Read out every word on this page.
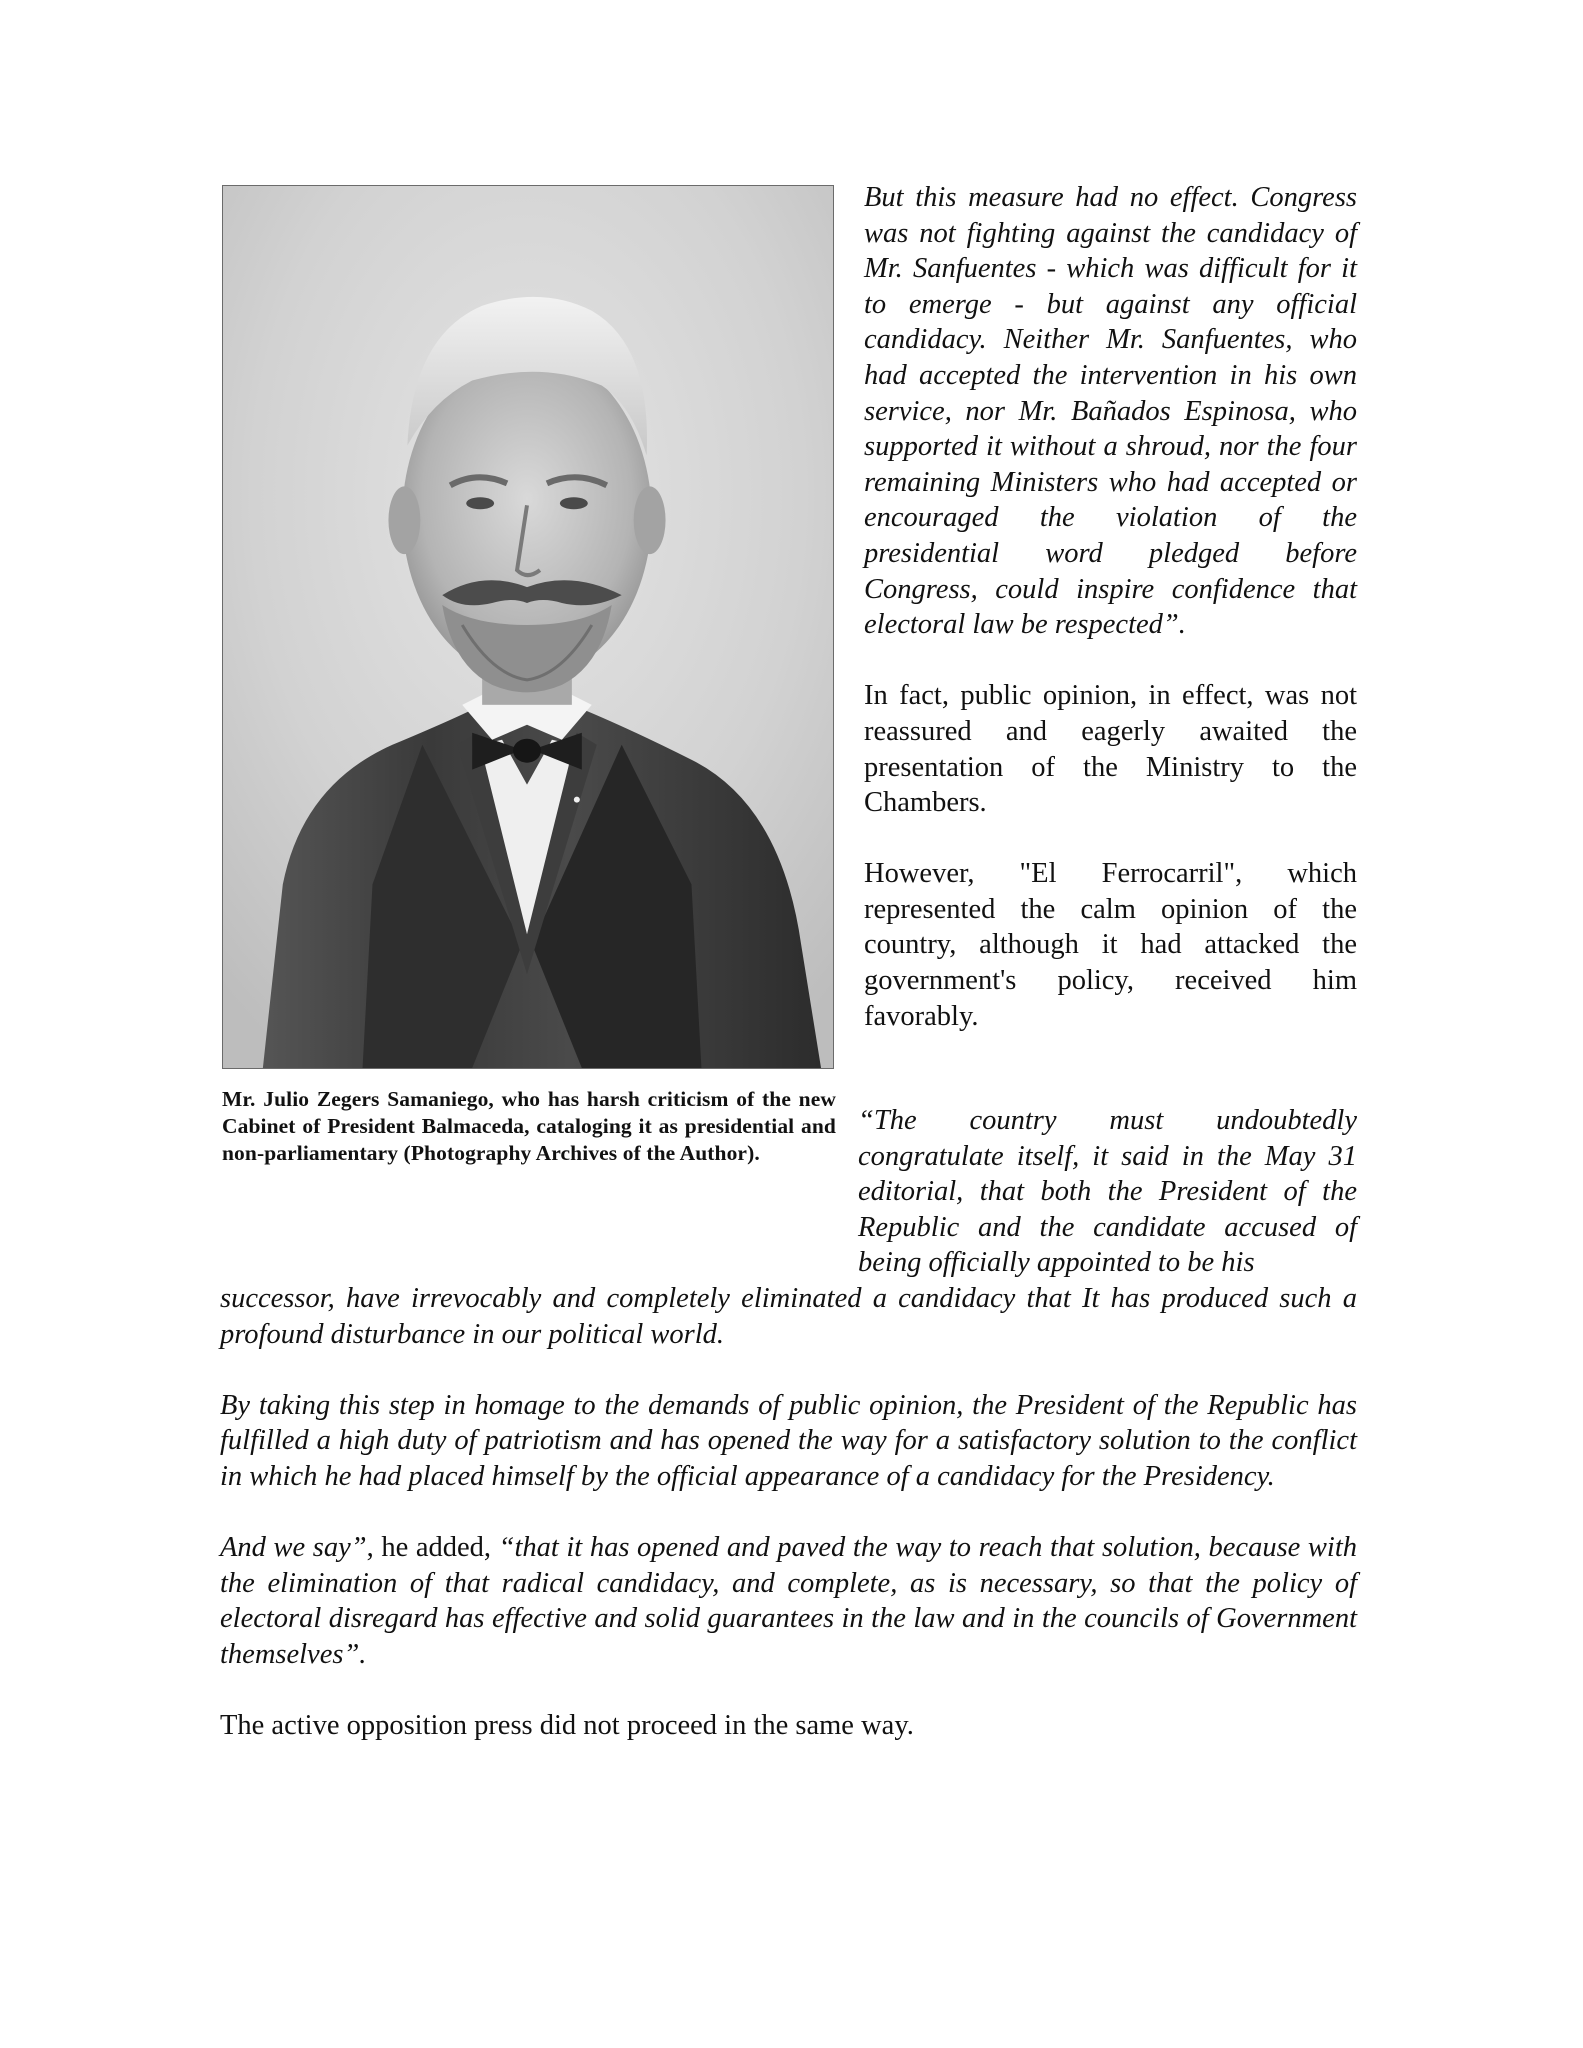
Mr. Julio Zegers Samaniego, who has harsh criticism of the new Cabinet of President Balmaceda, cataloging it as presidential and non-parliamentary (Photography Archives of the Author).

But this measure had no effect. Congress was not fighting against the candidacy of Mr. Sanfuentes - which was difficult for it to emerge - but against any official candidacy. Neither Mr. Sanfuentes, who had accepted the intervention in his own service, nor Mr. Bañados Espinosa, who supported it without a shroud, nor the four remaining Ministers who had accepted or encouraged the violation of the presidential word pledged before Congress, could inspire confidence that electoral law be respected”.

In fact, public opinion, in effect, was not reassured and eagerly awaited the presentation of the Ministry to the Chambers.

However, "El Ferrocarril", which represented the calm opinion of the country, although it had attacked the government's policy, received him favorably.

“The country must undoubtedly congratulate itself, it said in the May 31 editorial, that both the President of the Republic and the candidate accused of being officially appointed to be his

successor, have irrevocably and completely eliminated a candidacy that It has produced such a profound disturbance in our political world.

By taking this step in homage to the demands of public opinion, the President of the Republic has fulfilled a high duty of patriotism and has opened the way for a satisfactory solution to the conflict in which he had placed himself by the official appearance of a candidacy for the Presidency.

And we say”, he added, “that it has opened and paved the way to reach that solution, because with the elimination of that radical candidacy, and complete, as is necessary, so that the policy of electoral disregard has effective and solid guarantees in the law and in the councils of Government themselves”.

The active opposition press did not proceed in the same way.
